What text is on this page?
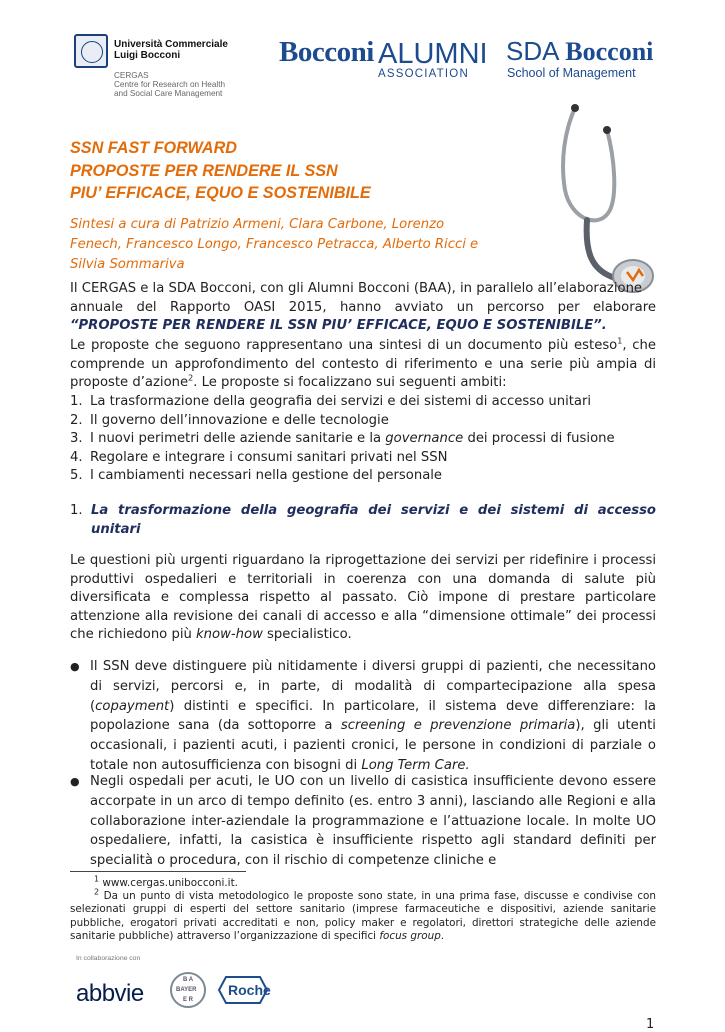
Università Commerciale
Luigi Bocconi
CERGAS
Centre for Research on Health
and Social Care Management
Bocconi ALUMNI
ASSOCIATION
SDA Bocconi
School of Management
SSN FAST FORWARD
PROPOSTE PER RENDERE IL SSN
PIU’ EFFICACE, EQUO E SOSTENIBILE
Sintesi a cura di Patrizio Armeni, Clara Carbone, Lorenzo
Fenech, Francesco Longo, Francesco Petracca, Alberto Ricci e
Silvia Sommariva
Il CERGAS e la SDA Bocconi, con gli Alumni Bocconi (BAA), in parallelo all’elaborazione
annuale del Rapporto OASI 2015, hanno avviato un percorso per elaborare
“PROPOSTE PER RENDERE IL SSN PIU’ EFFICACE, EQUO E SOSTENIBILE”.
Le proposte che seguono rappresentano una sintesi di un documento più esteso$^1$, che comprende un approfondimento del contesto di riferimento e una serie più ampia di proposte d’azione$^2$. Le proposte si focalizzano sui seguenti ambiti:
1. La trasformazione della geografia dei servizi e dei sistemi di accesso unitari
2. Il governo dell’innovazione e delle tecnologie
3. I nuovi perimetri delle aziende sanitarie e la governance dei processi di fusione
4. Regolare e integrare i consumi sanitari privati nel SSN
5. I cambiamenti necessari nella gestione del personale
1. La trasformazione della geografia dei servizi e dei sistemi di accesso unitari
Le questioni più urgenti riguardano la riprogettazione dei servizi per ridefinire i processi produttivi ospedalieri e territoriali in coerenza con una domanda di salute più diversificata e complessa rispetto al passato. Ciò impone di prestare particolare attenzione alla revisione dei canali di accesso e alla “dimensione ottimale” dei processi che richiedono più know-how specialistico.
● Il SSN deve distinguere più nitidamente i diversi gruppi di pazienti, che necessitano di servizi, percorsi e, in parte, di modalità di compartecipazione alla spesa (copayment) distinti e specifici. In particolare, il sistema deve differenziare: la popolazione sana (da sottoporre a screening e prevenzione primaria), gli utenti occasionali, i pazienti acuti, i pazienti cronici, le persone in condizioni di parziale o totale non autosufficienza con bisogni di Long Term Care.
● Negli ospedali per acuti, le UO con un livello di casistica insufficiente devono essere accorpate in un arco di tempo definito (es. entro 3 anni), lasciando alle Regioni e alla collaborazione inter-aziendale la programmazione e l’attuazione locale. In molte UO ospedaliere, infatti, la casistica è insufficiente rispetto agli standard definiti per specialità o procedura, con il rischio di competenze cliniche e
$^1$ www.cergas.unibocconi.it.
$^2$ Da un punto di vista metodologico le proposte sono state, in una prima fase, discusse e condivise con selezionati gruppi di esperti del settore sanitario (imprese farmaceutiche e dispositivi, aziende sanitarie pubbliche, erogatori privati accreditati e non, policy maker e regolatori, direttori strategiche delle aziende sanitarie pubbliche) attraverso l’organizzazione di specifici focus group.
In collaborazione con
abbvie	B A
BAYER
E R
Roche
1
